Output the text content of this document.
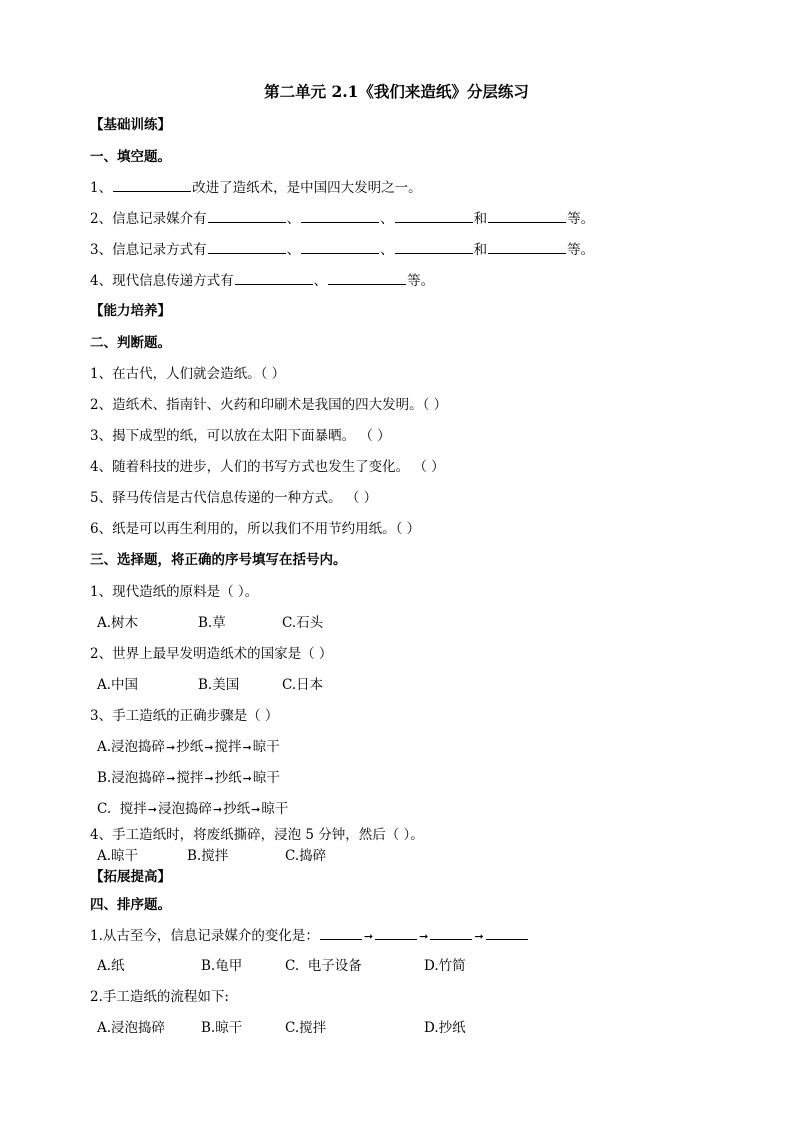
第二单元 2.1《我们来造纸》分层练习
【基础训练】
一、填空题。
1、	改进了造纸术，是中国四大发明之一。
2、信息记录媒介有	、	、	和	等。
3、信息记录方式有	、	、	和	等。
4、现代信息传递方式有	、	等。
【能力培养】
二、判断题。
1、在古代，人们就会造纸。（ ）
2、造纸术、指南针、火药和印刷术是我国的四大发明。（ ）
3、揭下成型的纸，可以放在太阳下面暴晒。 （ ）
4、随着科技的进步，人们的书写方式也发生了变化。 （ ）
5、驿马传信是古代信息传递的一种方式。 （ ）
6、纸是可以再生利用的，所以我们不用节约用纸。（ ）
三、选择题，将正确的序号填写在括号内。
1、现代造纸的原料是（ ）。
A.树木	B.草	C.石头
2、世界上最早发明造纸术的国家是（ ）
A.中国	B.美国	C.日本
3、手工造纸的正确步骤是（ ）
A.浸泡捣碎➞抄纸➞搅拌➞晾干
B.浸泡捣碎➞搅拌➞抄纸➞晾干
C.  搅拌➞浸泡捣碎➞抄纸➞晾干
4、手工造纸时，将废纸撕碎，浸泡 5 分钟，然后（ ）。
A.晾干	B.搅拌	C.捣碎
【拓展提高】
四、排序题。
1.从古至今，信息记录媒介的变化是：	➞	➞	➞
A.纸	B.龟甲	C.  电子设备	D.竹简
2.手工造纸的流程如下:
A.浸泡捣碎	B.晾干	C.搅拌	D.抄纸
